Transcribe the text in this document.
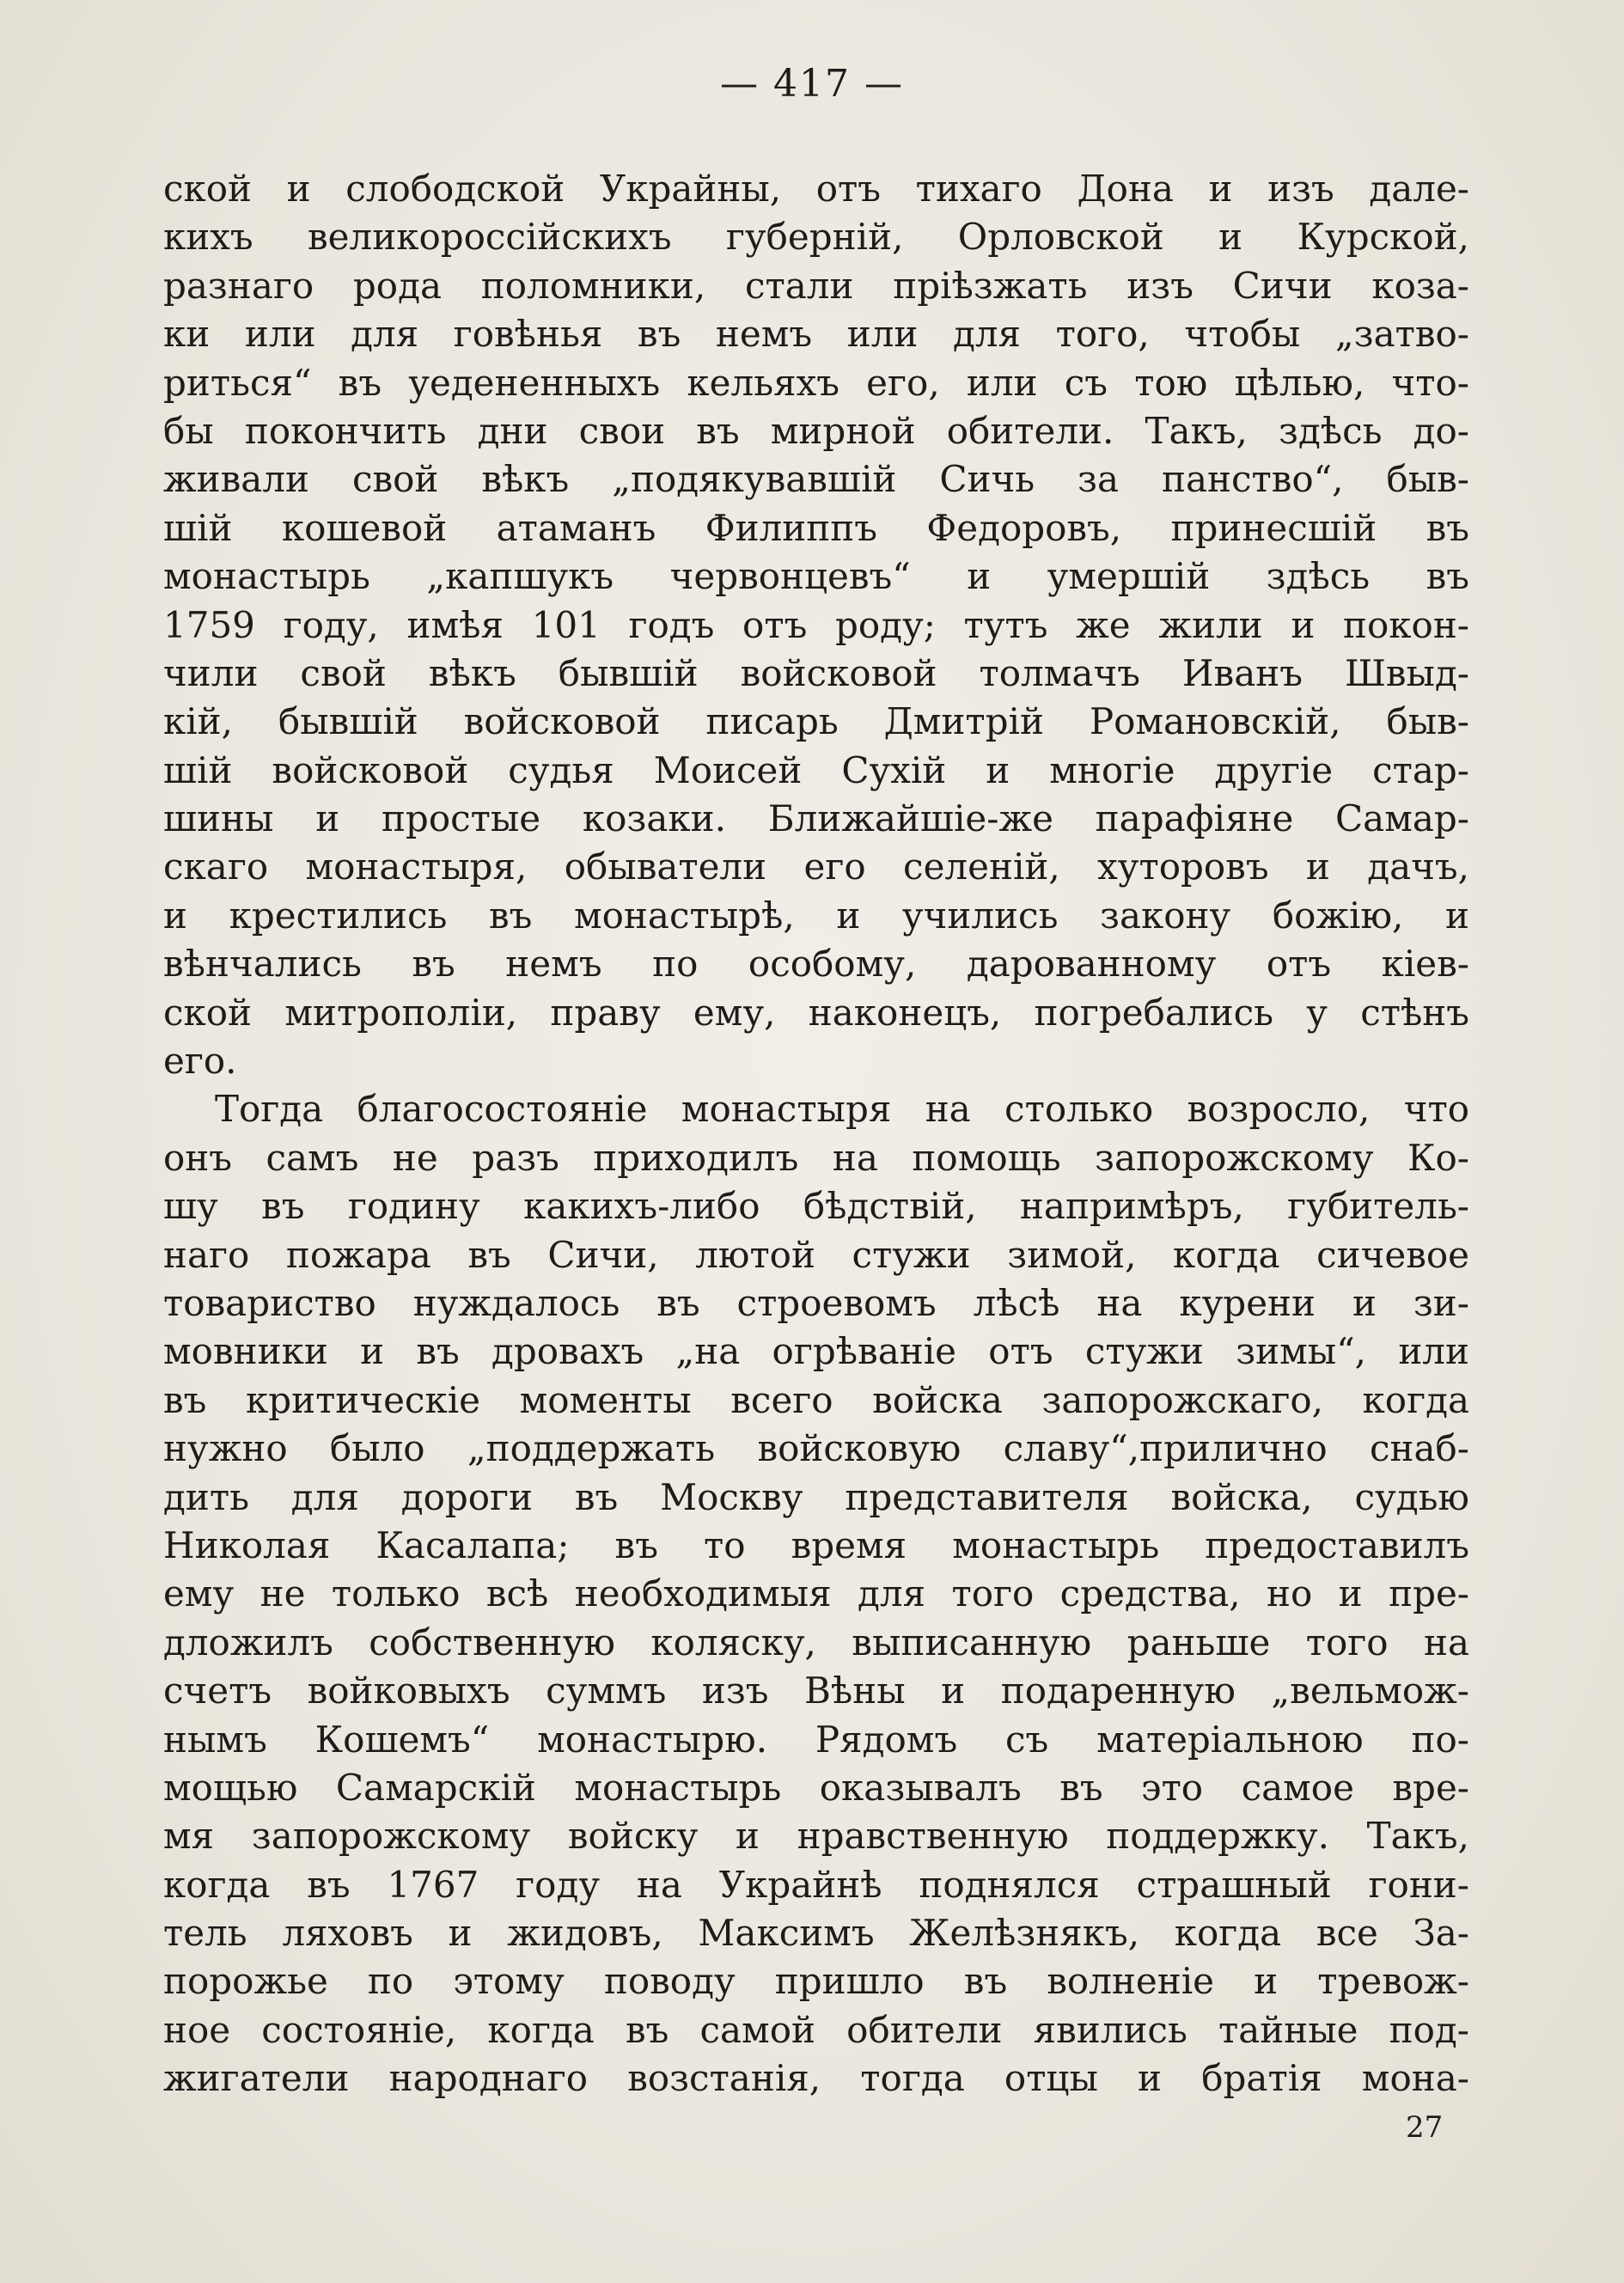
— 417 —
ской и слободской Украйны, отъ тихаго Дона и изъ дале-
кихъ великороссійскихъ губерній, Орловской и Курской,
разнаго рода поломники, стали пріѣзжать изъ Сичи коза-
ки или для говѣнья въ немъ или для того, чтобы „затво-
риться“ въ уедененныхъ кельяхъ его, или съ тою цѣлью, что-
бы покончить дни свои въ мирной обители. Такъ, здѣсь до-
живали свой вѣкъ „подякувавшій Сичь за панство“, быв-
шій кошевой атаманъ Филиппъ Федоровъ, принесшій въ
монастырь „капшукъ червонцевъ“ и умершій здѣсь въ
1759 году, имѣя 101 годъ отъ роду; тутъ же жили и покон-
чили свой вѣкъ бывшій войсковой толмачъ Иванъ Швыд-
кій, бывшій войсковой писарь Дмитрій Романовскій, быв-
шій войсковой судья Моисей Сухій и многіе другіе стар-
шины и простые козаки. Ближайшіе-же парафіяне Самар-
скаго монастыря, обыватели его селеній, хуторовъ и дачъ,
и крестились въ монастырѣ, и учились закону божію, и
вѣнчались въ немъ по особому, дарованному отъ кіев-
ской митрополіи, праву ему, наконецъ, погребались у стѣнъ
его.
Тогда благосостояніе монастыря на столько возросло, что
онъ самъ не разъ приходилъ на помощь запорожскому Ко-
шу въ годину какихъ-либо бѣдствій, напримѣръ, губитель-
наго пожара въ Сичи, лютой стужи зимой, когда сичевое
товариство нуждалось въ строевомъ лѣсѣ на курени и зи-
мовники и въ дровахъ „на огрѣваніе отъ стужи зимы“, или
въ критическіе моменты всего войска запорожскаго, когда
нужно было „поддержать войсковую славу“,прилично снаб-
дить для дороги въ Москву представителя войска, судью
Николая Касалапа; въ то время монастырь предоставилъ
ему не только всѣ необходимыя для того средства, но и пре-
дложилъ собственную коляску, выписанную раньше того на
счетъ войковыхъ суммъ изъ Вѣны и подаренную „вельмож-
нымъ Кошемъ“ монастырю. Рядомъ съ матеріальною по-
мощью Самарскій монастырь оказывалъ въ это самое вре-
мя запорожскому войску и нравственную поддержку. Такъ,
когда въ 1767 году на Украйнѣ поднялся страшный гони-
тель ляховъ и жидовъ, Максимъ Желѣзнякъ, когда все За-
порожье по этому поводу пришло въ волненіе и тревож-
ное состояніе, когда въ самой обители явились тайные под-
жигатели народнаго возстанія, тогда отцы и братія мона-
27
